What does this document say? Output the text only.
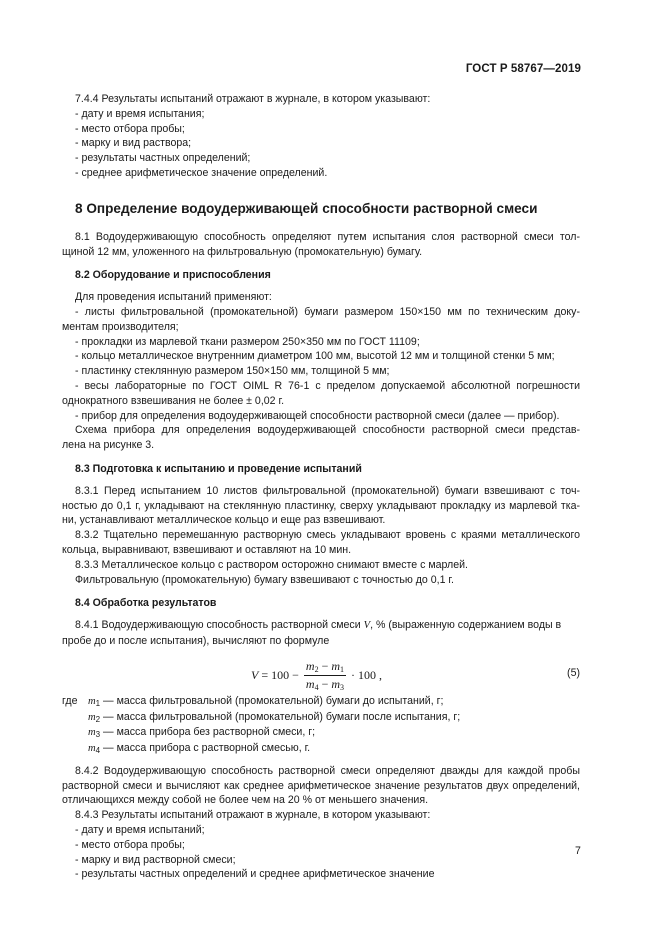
ГОСТ Р 58767—2019

7.4.4 Результаты испытаний отражают в журнале, в котором указывают:

- дату и время испытания;

- место отбора пробы;

- марку и вид раствора;

- результаты частных определений;

- среднее арифметическое значение определений.

8 Определение водоудерживающей способности растворной смеси

8.1 Водоудерживающую способность определяют путем испытания слоя растворной смеси тол-

щиной 12 мм, уложенного на фильтровальную (промокательную) бумагу.

8.2 Оборудование и приспособления

Для проведения испытаний применяют:

- листы фильтровальной (промокательной) бумаги размером 150×150 мм по техническим доку-

ментам производителя;

- прокладки из марлевой ткани размером 250×350 мм по ГОСТ 11109;

- кольцо металлическое внутренним диаметром 100 мм, высотой 12 мм и толщиной стенки 5 мм;

- пластинку стеклянную размером 150×150 мм, толщиной 5 мм;

- весы лабораторные по ГОСТ OIML R 76-1 с пределом допускаемой абсолютной погрешности

однократного взвешивания не более ± 0,02 г.

- прибор для определения водоудерживающей способности растворной смеси (далее — прибор).

Схема прибора для определения водоудерживающей способности растворной смеси представ-

лена на рисунке 3.

8.3 Подготовка к испытанию и проведение испытаний

8.3.1 Перед испытанием 10 листов фильтровальной (промокательной) бумаги взвешивают с точ-

ностью до 0,1 г, укладывают на стеклянную пластинку, сверху укладывают прокладку из марлевой тка-

ни, устанавливают металлическое кольцо и еще раз взвешивают.

8.3.2 Тщательно перемешанную растворную смесь укладывают вровень с краями металлического

кольца, выравнивают, взвешивают и оставляют на 10 мин.

8.3.3 Металлическое кольцо с раствором осторожно снимают вместе с марлей.

Фильтровальную (промокательную) бумагу взвешивают с точностью до 0,1 г.

8.4 Обработка результатов

8.4.1 Водоудерживающую способность растворной смеси V, % (выраженную содержанием воды в

пробе до и после испытания), вычисляют по формуле

$V = 100 - \frac{m_2 - m_1}{m_4 - m_3} \cdot 100$ ,	(5)
где $m_1$ — масса фильтровальной (промокательной) бумаги до испытаний, г;
$m_2$ — масса фильтровальной (промокательной) бумаги после испытания, г;
$m_3$ — масса прибора без растворной смеси, г;
$m_4$ — масса прибора с растворной смесью, г.

8.4.2 Водоудерживающую способность растворной смеси определяют дважды для каждой пробы

растворной смеси и вычисляют как среднее арифметическое значение результатов двух определений,

отличающихся между собой не более чем на 20 % от меньшего значения.

8.4.3 Результаты испытаний отражают в журнале, в котором указывают:

- дату и время испытаний;

- место отбора пробы;

- марку и вид растворной смеси;

- результаты частных определений и среднее арифметическое значение

7
